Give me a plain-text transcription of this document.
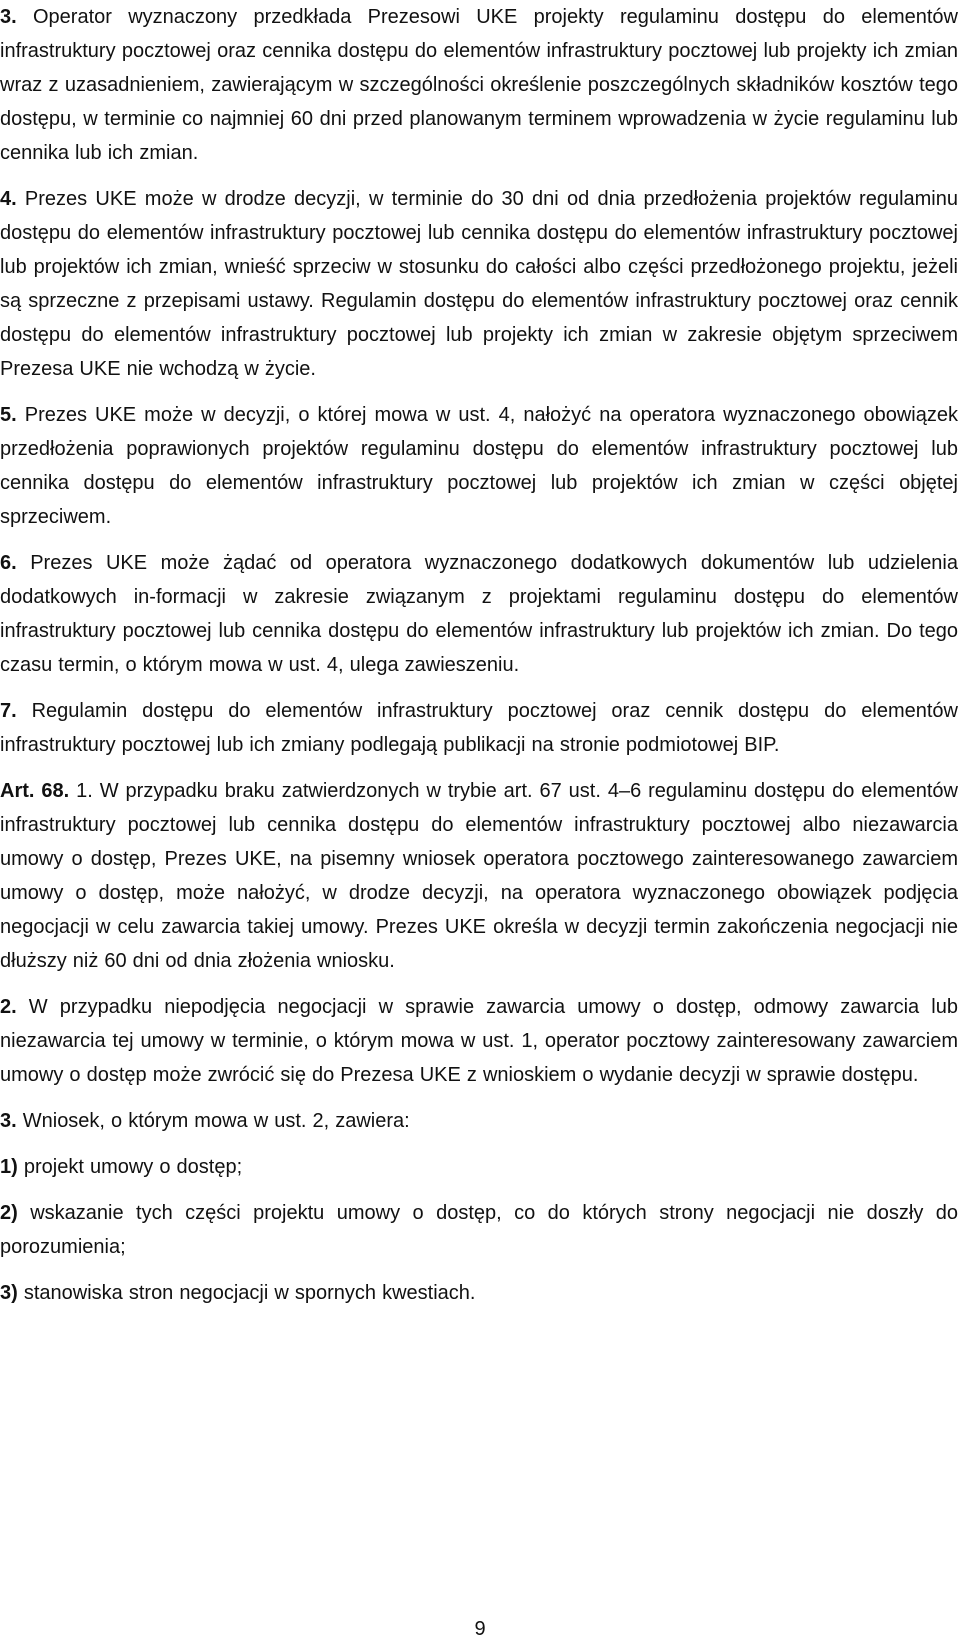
3. Operator wyznaczony przedkłada Prezesowi UKE projekty regulaminu dostępu do elementów infrastruktury pocztowej oraz cennika dostępu do elementów infrastruktury pocztowej lub projekty ich zmian wraz z uzasadnieniem, zawierającym w szczególności określenie poszczególnych składników kosztów tego dostępu, w terminie co najmniej 60 dni przed planowanym terminem wprowadzenia w życie regulaminu lub cennika lub ich zmian.

4. Prezes UKE może w drodze decyzji, w terminie do 30 dni od dnia przedłożenia projektów regulaminu dostępu do elementów infrastruktury pocztowej lub cennika dostępu do elementów infrastruktury pocztowej lub projektów ich zmian, wnieść sprzeciw w stosunku do całości albo części przedłożonego projektu, jeżeli są sprzeczne z przepisami ustawy. Regulamin dostępu do elementów infrastruktury pocztowej oraz cennik dostępu do elementów infrastruktury pocztowej lub projekty ich zmian w zakresie objętym sprzeciwem Prezesa UKE nie wchodzą w życie.

5. Prezes UKE może w decyzji, o której mowa w ust. 4, nałożyć na operatora wyznaczonego obowiązek przedłożenia poprawionych projektów regulaminu dostępu do elementów infrastruktury pocztowej lub cennika dostępu do elementów infrastruktury pocztowej lub projektów ich zmian w części objętej sprzeciwem.

6. Prezes UKE może żądać od operatora wyznaczonego dodatkowych dokumentów lub udzielenia dodatkowych in-formacji w zakresie związanym z projektami regulaminu dostępu do elementów infrastruktury pocztowej lub cennika dostępu do elementów infrastruktury lub projektów ich zmian. Do tego czasu termin, o którym mowa w ust. 4, ulega zawieszeniu.

7. Regulamin dostępu do elementów infrastruktury pocztowej oraz cennik dostępu do elementów infrastruktury pocztowej lub ich zmiany podlegają publikacji na stronie podmiotowej BIP.

Art. 68. 1. W przypadku braku zatwierdzonych w trybie art. 67 ust. 4–6 regulaminu dostępu do elementów infrastruktury pocztowej lub cennika dostępu do elementów infrastruktury pocztowej albo niezawarcia umowy o dostęp, Prezes UKE, na pisemny wniosek operatora pocztowego zainteresowanego zawarciem umowy o dostęp, może nałożyć, w drodze decyzji, na operatora wyznaczonego obowiązek podjęcia negocjacji w celu zawarcia takiej umowy. Prezes UKE określa w decyzji termin zakończenia negocjacji nie dłuższy niż 60 dni od dnia złożenia wniosku.

2. W przypadku niepodjęcia negocjacji w sprawie zawarcia umowy o dostęp, odmowy zawarcia lub niezawarcia tej umowy w terminie, o którym mowa w ust. 1, operator pocztowy zainteresowany zawarciem umowy o dostęp może zwrócić się do Prezesa UKE z wnioskiem o wydanie decyzji w sprawie dostępu.

3. Wniosek, o którym mowa w ust. 2, zawiera:

1) projekt umowy o dostęp;

2) wskazanie tych części projektu umowy o dostęp, co do których strony negocjacji nie doszły do porozumienia;

3) stanowiska stron negocjacji w spornych kwestiach.

9
